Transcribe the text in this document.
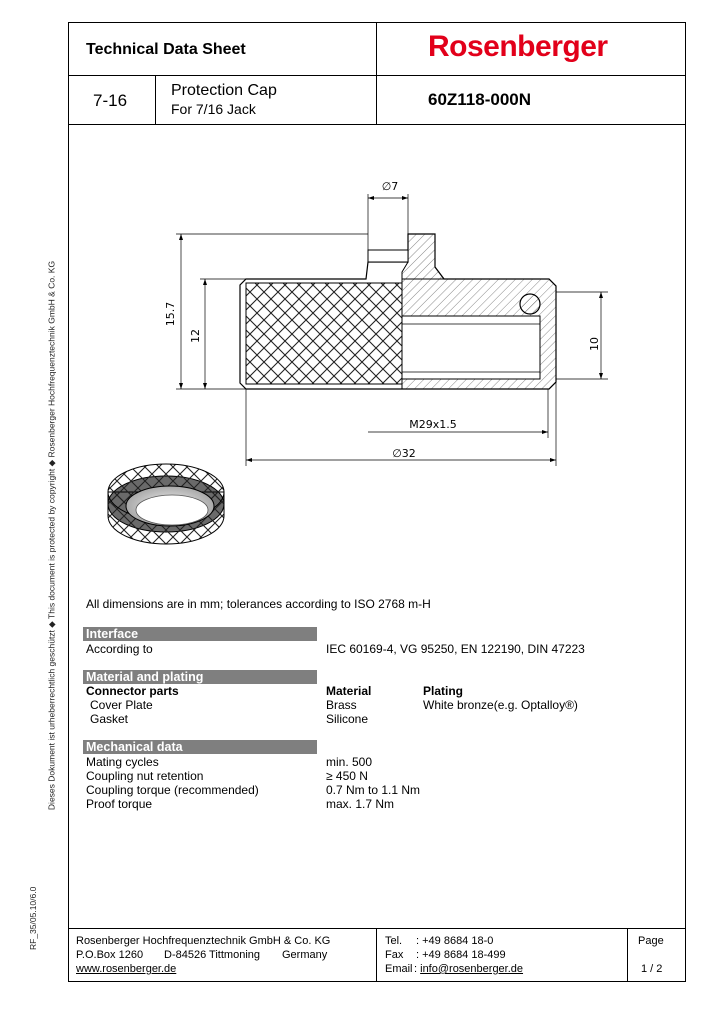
Dieses Dokument ist urheberrechtlich geschützt ◆ This document is protected by copyright ◆ Rosenberger Hochfrequenztechnik GmbH & Co. KG
RF_35/05.10/6.0
Technical Data Sheet	Rosenberger
7-16
Protection Cap
For 7/16 Jack	60Z118-000N
∅7
15.7
12
10
M29x1.5
∅32
All dimensions are in mm; tolerances according to ISO 2768 m-H
Interface
According to	IEC 60169-4, VG 95250, EN 122190, DIN 47223
Material and plating
Connector parts	Material	Plating
Cover Plate	Brass	White bronze(e.g. Optalloy®)
Gasket	Silicone
Mechanical data
Mating cycles	min. 500
Coupling nut retention	≥ 450 N
Coupling torque (recommended)	0.7 Nm to 1.1 Nm
Proof torque	max. 1.7 Nm
Rosenberger Hochfrequenztechnik GmbH & Co. KG
P.O.Box 1260 D-84526 Tittmoning Germany
www.rosenberger.de
Tel. : +49 8684 18-0
Fax : +49 8684 18-499
Email : info@rosenberger.de
Page
1 / 2
